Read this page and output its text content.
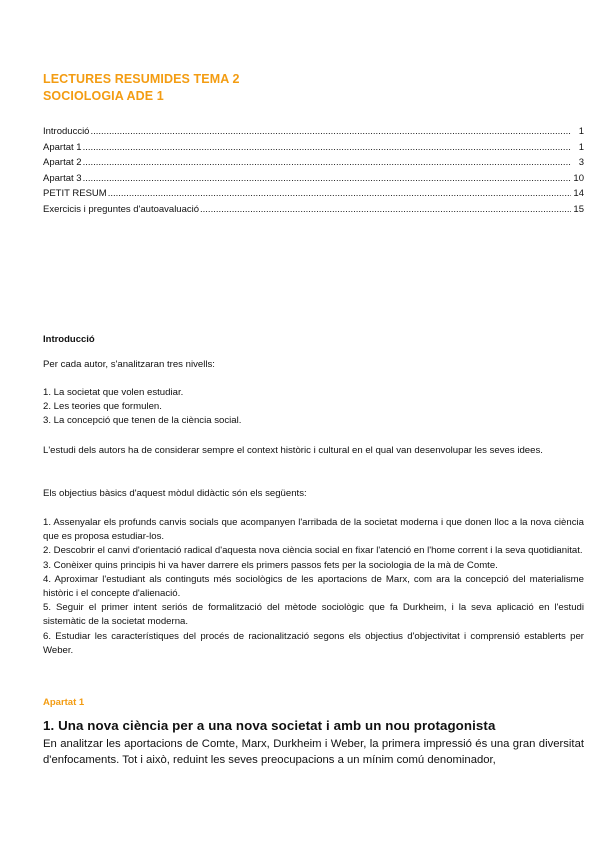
LECTURES RESUMIDES TEMA 2
SOCIOLOGIA ADE 1
Introducció .....	1
Apartat 1 .....	1
Apartat 2 .....	3
Apartat 3 .....	10
PETIT RESUM .....	14
Exercicis i preguntes d'autoavaluació .....	15
Introducció
Per cada autor, s'analitzaran tres nivells:
1. La societat que volen estudiar.
2. Les teories que formulen.
3. La concepció que tenen de la ciència social.
L'estudi dels autors ha de considerar sempre el context històric i cultural en el qual van desenvolupar les seves idees.
Els objectius bàsics d'aquest mòdul didàctic són els següents:
1. Assenyalar els profunds canvis socials que acompanyen l'arribada de la societat moderna i que donen lloc a la nova ciència que es proposa estudiar-los.
2. Descobrir el canvi d'orientació radical d'aquesta nova ciència social en fixar l'atenció en l'home corrent i la seva quotidianitat.
3. Conèixer quins principis hi va haver darrere els primers passos fets per la sociologia de la mà de Comte.
4. Aproximar l'estudiant als continguts més sociològics de les aportacions de Marx, com ara la concepció del materialisme històric i el concepte d'alienació.
5. Seguir el primer intent seriós de formalització del mètode sociològic que fa Durkheim, i la seva aplicació en l'estudi sistemàtic de la societat moderna.
6. Estudiar les característiques del procés de racionalització segons els objectius d'objectivitat i comprensió establerts per Weber.
Apartat 1
1. Una nova ciència per a una nova societat i amb un nou protagonista
En analitzar les aportacions de Comte, Marx, Durkheim i Weber, la primera impressió és una gran diversitat d'enfocaments. Tot i això, reduint les seves preocupacions a un mínim comú denominador,
